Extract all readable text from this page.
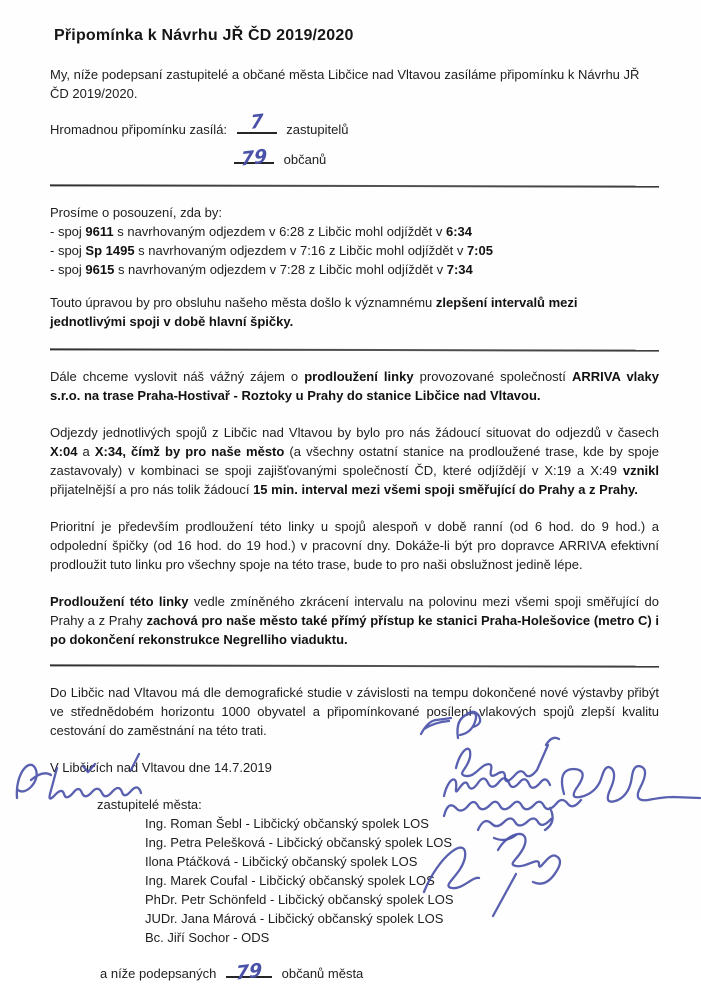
Připomínka k Návrhu JŘ ČD 2019/2020

My, níže podepsaní zastupitelé a občané města Libčice nad Vltavou zasíláme připomínku k Návrhu JŘ ČD 2019/2020.

Hromadnou připomínku zasílá: 7 zastupitelů
79 občanů

Prosíme o posouzení, zda by:

- spoj 9611 s navrhovaným odjezdem v 6:28 z Libčic mohl odjíždět v 6:34
- spoj Sp 1495 s navrhovaným odjezdem v 7:16 z Libčic mohl odjíždět v 7:05
- spoj 9615 s navrhovaným odjezdem v 7:28 z Libčic mohl odjíždět v 7:34

Touto úpravou by pro obsluhu našeho města došlo k významnému zlepšení intervalů mezi jednotlivými spoji v době hlavní špičky.

Dále chceme vyslovit náš vážný zájem o prodloužení linky provozované společností ARRIVA vlaky s.r.o. na trase Praha-Hostivař - Roztoky u Prahy do stanice Libčice nad Vltavou.

Odjezdy jednotlivých spojů z Libčic nad Vltavou by bylo pro nás žádoucí situovat do odjezdů v časech X:04 a X:34, čímž by pro naše město (a všechny ostatní stanice na prodloužené trase, kde by spoje zastavovaly) v kombinaci se spoji zajišťovanými společností ČD, které odjíždějí v X:19 a X:49 vznikl přijatelnější a pro nás tolik žádoucí 15 min. interval mezi všemi spoji směřující do Prahy a z Prahy.

Prioritní je především prodloužení této linky u spojů alespoň v době ranní (od 6 hod. do 9 hod.) a odpolední špičky (od 16 hod. do 19 hod.) v pracovní dny. Dokáže-li být pro dopravce ARRIVA efektivní prodloužit tuto linku pro všechny spoje na této trase, bude to pro naši obslužnost jedině lépe.

Prodloužení této linky vedle zmíněného zkrácení intervalu na polovinu mezi všemi spoji směřující do Prahy a z Prahy zachová pro naše město také přímý přístup ke stanici Praha-Holešovice (metro C) i po dokončení rekonstrukce Negrelliho viaduktu.

Do Libčic nad Vltavou má dle demografické studie v závislosti na tempu dokončené nové výstavby přibýt ve střednědobém horizontu 1000 obyvatel a připomínkované posílení vlakových spojů zlepší kvalitu cestování do zaměstnání na této trati.

V Libčicích nad Vltavou dne 14.7.2019

zastupitelé města:
Ing. Roman Šebl - Libčický občanský spolek LOS
Ing. Petra Pelešková - Libčický občanský spolek LOS
Ilona Ptáčková - Libčický občanský spolek LOS
Ing. Marek Coufal - Libčický občanský spolek LOS
PhDr. Petr Schönfeld - Libčický občanský spolek LOS
JUDr. Jana Márová - Libčický občanský spolek LOS
Bc. Jiří Sochor - ODS
a níže podepsaných 79 občanů města
